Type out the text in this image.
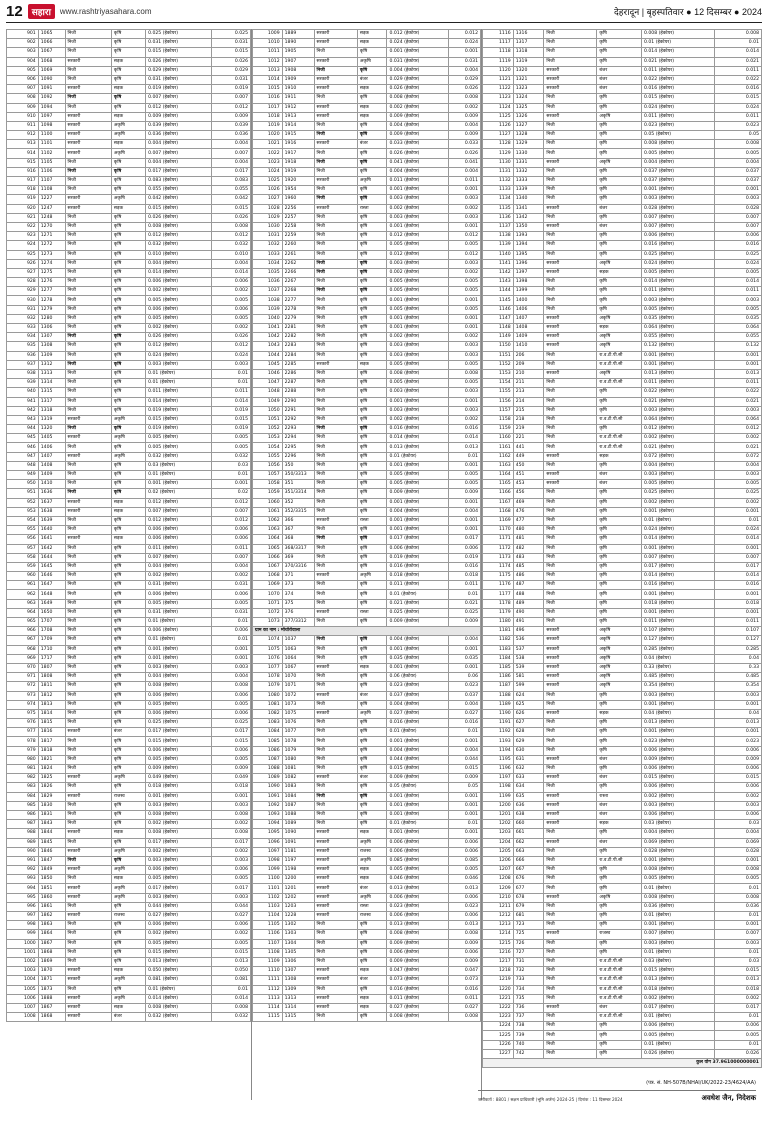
12	सहारा	www.rashtriyasahara.com	देहरादून | बृहस्पतिवार ● 12 दिसम्बर ● 2024
901	1065	निजी	कृषि	0.025 (हेक्टेयर)	0.025
902	1066	निजी	कृषि	0.031 (हेक्टेयर)	0.031
903	1067	निजी	कृषि	0.015 (हेक्टेयर)	0.015
904	1068	सरकारी	सड़क	0.026 (हेक्टेयर)	0.026
905	1069	निजी	कृषि	0.029 (हेक्टेयर)	0.029
906	1090	निजी	कृषि	0.031 (हेक्टेयर)	0.031
907	1091	सरकारी	सड़क	0.019 (हेक्टेयर)	0.019
908	1092	निजी	कृषि	0.007 (हेक्टेयर)	0.007
909	1094	निजी	कृषि	0.012 (हेक्टेयर)	0.012
910	1097	सरकारी	सड़क	0.009 (हेक्टेयर)	0.009
911	1098	सरकारी	अकृषि	0.039 (हेक्टेयर)	0.039
912	1100	सरकारी	अकृषि	0.036 (हेक्टेयर)	0.036
913	1101	सरकारी	सड़क	0.004 (हेक्टेयर)	0.004
914	1102	सरकारी	अकृषि	0.007 (हेक्टेयर)	0.007
915	1105	निजी	कृषि	0.004 (हेक्टेयर)	0.004
916	1106	निजी	कृषि	0.017 (हेक्टेयर)	0.017
917	1107	निजी	कृषि	0.083 (हेक्टेयर)	0.083
918	1108	निजी	कृषि	0.055 (हेक्टेयर)	0.055
919	1227	सरकारी	अकृषि	0.042 (हेक्टेयर)	0.042
920	1247	सरकारी	सड़क	0.015 (हेक्टेयर)	0.015
921	1248	निजी	कृषि	0.026 (हेक्टेयर)	0.026
922	1270	निजी	कृषि	0.008 (हेक्टेयर)	0.008
923	1271	निजी	कृषि	0.012 (हेक्टेयर)	0.012
924	1272	निजी	कृषि	0.032 (हेक्टेयर)	0.032
925	1273	निजी	कृषि	0.010 (हेक्टेयर)	0.010
926	1274	निजी	कृषि	0.004 (हेक्टेयर)	0.004
927	1275	निजी	कृषि	0.014 (हेक्टेयर)	0.014
928	1276	निजी	कृषि	0.006 (हेक्टेयर)	0.006
929	1277	निजी	कृषि	0.002 (हेक्टेयर)	0.002
930	1278	निजी	कृषि	0.005 (हेक्टेयर)	0.005
931	1279	निजी	कृषि	0.006 (हेक्टेयर)	0.006
932	1280	निजी	कृषि	0.005 (हेक्टेयर)	0.005
933	1306	निजी	कृषि	0.002 (हेक्टेयर)	0.002
934	1307	निजी	कृषि	0.026 (हेक्टेयर)	0.026
935	1308	निजी	कृषि	0.012 (हेक्टेयर)	0.012
936	1309	निजी	कृषि	0.024 (हेक्टेयर)	0.024
937	1312	निजी	कृषि	0.003 (हेक्टेयर)	0.003
938	1313	निजी	कृषि	0.01 (हेक्टेयर)	0.01
939	1314	निजी	कृषि	0.01 (हेक्टेयर)	0.01
940	1315	निजी	कृषि	0.011 (हेक्टेयर)	0.011
941	1317	निजी	कृषि	0.014 (हेक्टेयर)	0.014
942	1318	निजी	कृषि	0.019 (हेक्टेयर)	0.019
943	1319	सरकारी	अकृषि	0.015 (हेक्टेयर)	0.015
944	1320	निजी	कृषि	0.019 (हेक्टेयर)	0.019
945	1405	सरकारी	अकृषि	0.005 (हेक्टेयर)	0.005
946	1406	निजी	कृषि	0.005 (हेक्टेयर)	0.005
947	1407	सरकारी	अकृषि	0.032 (हेक्टेयर)	0.032
948	1408	निजी	कृषि	0.03 (हेक्टेयर)	0.03
949	1409	निजी	कृषि	0.01 (हेक्टेयर)	0.01
950	1410	निजी	कृषि	0.001 (हेक्टेयर)	0.001
951	1636	निजी	कृषि	0.02 (हेक्टेयर)	0.02
952	1637	सरकारी	सड़क	0.012 (हेक्टेयर)	0.012
953	1638	सरकारी	सड़क	0.007 (हेक्टेयर)	0.007
954	1639	निजी	कृषि	0.012 (हेक्टेयर)	0.012
955	1640	निजी	कृषि	0.006 (हेक्टेयर)	0.006
956	1641	सरकारी	सड़क	0.006 (हेक्टेयर)	0.006
957	1642	निजी	कृषि	0.011 (हेक्टेयर)	0.011
958	1644	निजी	कृषि	0.007 (हेक्टेयर)	0.007
959	1645	निजी	कृषि	0.004 (हेक्टेयर)	0.004
960	1646	निजी	कृषि	0.002 (हेक्टेयर)	0.002
961	1647	निजी	कृषि	0.031 (हेक्टेयर)	0.031
962	1648	निजी	कृषि	0.006 (हेक्टेयर)	0.006
963	1649	निजी	कृषि	0.005 (हेक्टेयर)	0.005
964	1650	निजी	कृषि	0.031 (हेक्टेयर)	0.031
965	1707	निजी	कृषि	0.01 (हेक्टेयर)	0.01
966	1708	निजी	कृषि	0.006 (हेक्टेयर)	0.006
967	1709	निजी	कृषि	0.01 (हेक्टेयर)	0.01
968	1710	निजी	कृषि	0.001 (हेक्टेयर)	0.001
969	1717	निजी	कृषि	0.001 (हेक्टेयर)	0.001
970	1807	निजी	कृषि	0.003 (हेक्टेयर)	0.003
971	1808	निजी	कृषि	0.004 (हेक्टेयर)	0.004
972	1811	निजी	कृषि	0.008 (हेक्टेयर)	0.008
973	1812	निजी	कृषि	0.006 (हेक्टेयर)	0.006
974	1813	निजी	कृषि	0.005 (हेक्टेयर)	0.005
975	1814	निजी	कृषि	0.006 (हेक्टेयर)	0.006
976	1815	निजी	कृषि	0.025 (हेक्टेयर)	0.025
977	1816	सरकारी	बंजर	0.017 (हेक्टेयर)	0.017
978	1817	निजी	कृषि	0.015 (हेक्टेयर)	0.015
979	1818	निजी	कृषि	0.006 (हेक्टेयर)	0.006
980	1821	निजी	कृषि	0.005 (हेक्टेयर)	0.005
981	1824	निजी	कृषि	0.009 (हेक्टेयर)	0.009
982	1825	सरकारी	अकृषि	0.049 (हेक्टेयर)	0.049
983	1826	निजी	कृषि	0.018 (हेक्टेयर)	0.018
984	1829	सरकारी	राजस्व	0.001 (हेक्टेयर)	0.001
985	1830	निजी	कृषि	0.003 (हेक्टेयर)	0.003
986	1831	निजी	कृषि	0.008 (हेक्टेयर)	0.008
987	1843	निजी	कृषि	0.002 (हेक्टेयर)	0.002
988	1844	सरकारी	सड़क	0.008 (हेक्टेयर)	0.008
989	1845	निजी	कृषि	0.017 (हेक्टेयर)	0.017
990	1846	सरकारी	अकृषि	0.002 (हेक्टेयर)	0.002
991	1847	निजी	कृषि	0.003 (हेक्टेयर)	0.003
992	1849	सरकारी	अकृषि	0.006 (हेक्टेयर)	0.006
993	1850	निजी	सड़क	0.005 (हेक्टेयर)	0.005
994	1851	सरकारी	अकृषि	0.017 (हेक्टेयर)	0.017
995	1860	सरकारी	अकृषि	0.003 (हेक्टेयर)	0.003
996	1861	निजी	कृषि	0.044 (हेक्टेयर)	0.044
997	1862	सरकारी	राजस्व	0.027 (हेक्टेयर)	0.027
998	1863	निजी	कृषि	0.006 (हेक्टेयर)	0.006
999	1864	निजी	कृषि	0.002 (हेक्टेयर)	0.002
1000	1867	निजी	कृषि	0.005 (हेक्टेयर)	0.005
1001	1868	निजी	कृषि	0.015 (हेक्टेयर)	0.015
1002	1869	निजी	कृषि	0.013 (हेक्टेयर)	0.013
1003	1870	सरकारी	सड़क	0.050 (हेक्टेयर)	0.050
1004	1871	सरकारी	अकृषि	0.081 (हेक्टेयर)	0.081
1005	1873	निजी	कृषि	0.01 (हेक्टेयर)	0.01
1006	1888	सरकारी	अकृषि	0.014 (हेक्टेयर)	0.014
1007	1867	सरकारी	सड़क	0.008 (हेक्टेयर)	0.008
1008	1868	सरकारी	बंजर	0.032 (हेक्टेयर)	0.032
1009	1889	सरकारी	सड़क	0.012 (हेक्टेयर)	0.012
1010	1890	सरकारी	सड़क	0.024 (हेक्टेयर)	0.024
1011	1905	निजी	कृषि	0.001 (हेक्टेयर)	0.001
1012	1907	सरकारी	अकृषि	0.031 (हेक्टेयर)	0.031
1013	1908	निजी	कृषि	0.004 (हेक्टेयर)	0.004
1014	1909	सरकारी	बंजर	0.029 (हेक्टेयर)	0.029
1015	1910	सरकारी	सड़क	0.026 (हेक्टेयर)	0.026
1016	1911	निजी	कृषि	0.008 (हेक्टेयर)	0.008
1017	1912	सरकारी	सड़क	0.002 (हेक्टेयर)	0.002
1018	1913	सरकारी	सड़क	0.009 (हेक्टेयर)	0.009
1019	1914	निजी	कृषि	0.004 (हेक्टेयर)	0.004
1020	1915	निजी	कृषि	0.009 (हेक्टेयर)	0.009
1021	1916	सरकारी	बंजर	0.033 (हेक्टेयर)	0.033
1022	1917	निजी	कृषि	0.026 (हेक्टेयर)	0.026
1023	1918	निजी	कृषि	0.041 (हेक्टेयर)	0.041
1024	1919	निजी	कृषि	0.004 (हेक्टेयर)	0.004
1025	1920	सरकारी	अकृषि	0.011 (हेक्टेयर)	0.011
1026	1954	निजी	कृषि	0.001 (हेक्टेयर)	0.001
1027	1960	निजी	कृषि	0.003 (हेक्टेयर)	0.003
1028	2256	सरकारी	रास्ता	0.002 (हेक्टेयर)	0.002
1029	2257	निजी	कृषि	0.003 (हेक्टेयर)	0.003
1030	2258	निजी	कृषि	0.001 (हेक्टेयर)	0.001
1031	2259	निजी	कृषि	0.012 (हेक्टेयर)	0.012
1032	2260	निजी	कृषि	0.005 (हेक्टेयर)	0.005
1033	2261	निजी	कृषि	0.012 (हेक्टेयर)	0.012
1034	2262	निजी	कृषि	0.003 (हेक्टेयर)	0.003
1035	2266	निजी	कृषि	0.002 (हेक्टेयर)	0.002
1036	2267	निजी	कृषि	0.005 (हेक्टेयर)	0.005
1037	2268	निजी	कृषि	0.005 (हेक्टेयर)	0.005
1038	2277	निजी	कृषि	0.001 (हेक्टेयर)	0.001
1039	2278	निजी	कृषि	0.005 (हेक्टेयर)	0.005
1040	2279	निजी	कृषि	0.001 (हेक्टेयर)	0.001
1041	2281	निजी	कृषि	0.001 (हेक्टेयर)	0.001
1042	2282	निजी	कृषि	0.002 (हेक्टेयर)	0.002
1043	2283	निजी	कृषि	0.003 (हेक्टेयर)	0.003
1044	2284	निजी	कृषि	0.003 (हेक्टेयर)	0.003
1045	2285	सरकारी	सड़क	0.005 (हेक्टेयर)	0.005
1046	2286	निजी	कृषि	0.008 (हेक्टेयर)	0.008
1047	2287	निजी	कृषि	0.005 (हेक्टेयर)	0.005
1048	2288	निजी	कृषि	0.003 (हेक्टेयर)	0.003
1049	2290	निजी	कृषि	0.001 (हेक्टेयर)	0.001
1050	2291	निजी	कृषि	0.003 (हेक्टेयर)	0.003
1051	2292	निजी	कृषि	0.002 (हेक्टेयर)	0.002
1052	2293	निजी	कृषि	0.016 (हेक्टेयर)	0.016
1053	2294	निजी	कृषि	0.014 (हेक्टेयर)	0.014
1054	2295	निजी	कृषि	0.013 (हेक्टेयर)	0.013
1055	2296	निजी	कृषि	0.01 (हेक्टेयर)	0.01
1056	350	निजी	कृषि	0.001 (हेक्टेयर)	0.001
1057	350/3313	निजी	कृषि	0.005 (हेक्टेयर)	0.005
1058	351	निजी	कृषि	0.005 (हेक्टेयर)	0.005
1059	351/3314	निजी	कृषि	0.009 (हेक्टेयर)	0.009
1060	352	निजी	कृषि	0.001 (हेक्टेयर)	0.001
1061	352/3315	निजी	कृषि	0.004 (हेक्टेयर)	0.004
1062	366	सरकारी	रास्ता	0.001 (हेक्टेयर)	0.001
1063	367	निजी	कृषि	0.001 (हेक्टेयर)	0.001
1064	368	निजी	कृषि	0.017 (हेक्टेयर)	0.017
1065	368/3317	निजी	कृषि	0.006 (हेक्टेयर)	0.006
1066	369	निजी	कृषि	0.019 (हेक्टेयर)	0.019
1067	370/3316	निजी	कृषि	0.016 (हेक्टेयर)	0.016
1068	371	सरकारी	अकृषि	0.018 (हेक्टेयर)	0.018
1069	373	निजी	कृषि	0.011 (हेक्टेयर)	0.011
1070	374	निजी	कृषि	0.01 (हेक्टेयर)	0.01
1071	375	निजी	कृषि	0.021 (हेक्टेयर)	0.021
1072	376	सरकारी	रास्ता	0.025 (हेक्टेयर)	0.025
1073	377/3312	निजी	कृषि	0.009 (हेक्टेयर)	0.009
ग्राम का नाम : मोथोरोवाला					
1074	1037	निजी	कृषि	0.004 (हेक्टेयर)	0.004
1075	1063	निजी	कृषि	0.001 (हेक्टेयर)	0.001
1076	1064	निजी	कृषि	0.035 (हेक्टेयर)	0.035
1077	1067	सरकारी	सड़क	0.001 (हेक्टेयर)	0.001
1078	1070	निजी	कृषि	0.06 (हेक्टेयर)	0.06
1079	1071	निजी	कृषि	0.023 (हेक्टेयर)	0.023
1080	1072	सरकारी	बंजर	0.037 (हेक्टेयर)	0.037
1081	1073	निजी	कृषि	0.004 (हेक्टेयर)	0.004
1082	1075	सरकारी	अकृषि	0.027 (हेक्टेयर)	0.027
1083	1076	निजी	कृषि	0.016 (हेक्टेयर)	0.016
1084	1077	निजी	कृषि	0.01 (हेक्टेयर)	0.01
1085	1078	निजी	कृषि	0.001 (हेक्टेयर)	0.001
1086	1079	निजी	कृषि	0.004 (हेक्टेयर)	0.004
1087	1080	निजी	कृषि	0.044 (हेक्टेयर)	0.044
1088	1081	निजी	कृषि	0.015 (हेक्टेयर)	0.015
1089	1082	सरकारी	बंजर	0.009 (हेक्टेयर)	0.009
1090	1083	निजी	कृषि	0.05 (हेक्टेयर)	0.05
1091	1084	निजी	कृषि	0.001 (हेक्टेयर)	0.001
1092	1087	निजी	कृषि	0.001 (हेक्टेयर)	0.001
1093	1088	निजी	कृषि	0.001 (हेक्टेयर)	0.001
1094	1089	निजी	कृषि	0.01 (हेक्टेयर)	0.01
1095	1090	सरकारी	सड़क	0.001 (हेक्टेयर)	0.001
1096	1091	सरकारी	अकृषि	0.006 (हेक्टेयर)	0.006
1097	1181	सरकारी	राजस्व	0.006 (हेक्टेयर)	0.006
1098	1197	सरकारी	अकृषि	0.085 (हेक्टेयर)	0.085
1099	1198	सरकारी	सड़क	0.005 (हेक्टेयर)	0.005
1100	1200	सरकारी	सड़क	0.046 (हेक्टेयर)	0.046
1101	1201	सरकारी	बंजर	0.013 (हेक्टेयर)	0.013
1102	1202	सरकारी	अकृषि	0.006 (हेक्टेयर)	0.006
1103	1203	सरकारी	रास्ता	0.023 (हेक्टेयर)	0.023
1104	1228	सरकारी	राजस्व	0.006 (हेक्टेयर)	0.006
1105	1302	निजी	कृषि	0.013 (हेक्टेयर)	0.013
1106	1303	निजी	कृषि	0.008 (हेक्टेयर)	0.008
1107	1304	निजी	कृषि	0.009 (हेक्टेयर)	0.009
1108	1305	निजी	कृषि	0.006 (हेक्टेयर)	0.006
1109	1306	निजी	कृषि	0.009 (हेक्टेयर)	0.009
1110	1307	सरकारी	सड़क	0.047 (हेक्टेयर)	0.047
1111	1308	सरकारी	बंजर	0.073 (हेक्टेयर)	0.073
1112	1309	निजी	कृषि	0.016 (हेक्टेयर)	0.016
1113	1313	सरकारी	सड़क	0.011 (हेक्टेयर)	0.011
1114	1314	सरकारी	सड़क	0.027 (हेक्टेयर)	0.027
1115	1315	निजी	कृषि	0.008 (हेक्टेयर)	0.008
1116	1316	निजी	कृषि	0.008 (हेक्टेयर)	0.008
1117	1317	निजी	कृषि	0.01 (हेक्टेयर)	0.01
1118	1318	निजी	कृषि	0.014 (हेक्टेयर)	0.014
1119	1319	निजी	कृषि	0.021 (हेक्टेयर)	0.021
1120	1320	सरकारी	बंजर	0.011 (हेक्टेयर)	0.011
1121	1321	सरकारी	बंजर	0.022 (हेक्टेयर)	0.022
1122	1323	सरकारी	बंजर	0.016 (हेक्टेयर)	0.016
1123	1324	निजी	कृषि	0.015 (हेक्टेयर)	0.015
1124	1325	निजी	कृषि	0.024 (हेक्टेयर)	0.024
1125	1326	सरकारी	अकृषि	0.011 (हेक्टेयर)	0.011
1126	1327	निजी	कृषि	0.023 (हेक्टेयर)	0.023
1127	1328	निजी	कृषि	0.05 (हेक्टेयर)	0.05
1128	1329	निजी	कृषि	0.008 (हेक्टेयर)	0.008
1129	1330	निजी	कृषि	0.005 (हेक्टेयर)	0.005
1130	1331	सरकारी	अकृषि	0.004 (हेक्टेयर)	0.004
1131	1332	निजी	कृषि	0.037 (हेक्टेयर)	0.037
1132	1333	निजी	कृषि	0.037 (हेक्टेयर)	0.037
1133	1339	निजी	कृषि	0.001 (हेक्टेयर)	0.001
1134	1340	निजी	कृषि	0.003 (हेक्टेयर)	0.003
1135	1341	सरकारी	बंजर	0.028 (हेक्टेयर)	0.028
1136	1342	निजी	कृषि	0.007 (हेक्टेयर)	0.007
1137	1350	सरकारी	बंजर	0.007 (हेक्टेयर)	0.007
1138	1393	निजी	कृषि	0.006 (हेक्टेयर)	0.006
1139	1394	निजी	कृषि	0.016 (हेक्टेयर)	0.016
1140	1395	निजी	कृषि	0.025 (हेक्टेयर)	0.025
1141	1396	सरकारी	अकृषि	0.024 (हेक्टेयर)	0.024
1142	1397	सरकारी	सड़क	0.005 (हेक्टेयर)	0.005
1143	1398	निजी	कृषि	0.014 (हेक्टेयर)	0.014
1144	1399	निजी	कृषि	0.011 (हेक्टेयर)	0.011
1145	1400	निजी	कृषि	0.003 (हेक्टेयर)	0.003
1146	1406	निजी	कृषि	0.005 (हेक्टेयर)	0.005
1147	1407	सरकारी	अकृषि	0.035 (हेक्टेयर)	0.035
1148	1408	सरकारी	सड़क	0.064 (हेक्टेयर)	0.064
1149	1409	सरकारी	अकृषि	0.055 (हेक्टेयर)	0.055
1150	1410	सरकारी	अकृषि	0.132 (हेक्टेयर)	0.132
1151	206	निजी	रा.व.टी.पी.सी	0.001 (हेक्टेयर)	0.001
1152	209	निजी	रा.व.टी.पी.सी	0.001 (हेक्टेयर)	0.001
1153	210	सरकारी	अकृषि	0.013 (हेक्टेयर)	0.013
1154	211	निजी	रा.व.टी.पी.सी	0.011 (हेक्टेयर)	0.011
1155	213	निजी	कृषि	0.022 (हेक्टेयर)	0.022
1156	214	निजी	कृषि	0.021 (हेक्टेयर)	0.021
1157	215	निजी	कृषि	0.003 (हेक्टेयर)	0.003
1158	218	निजी	रा.व.टी.पी.सी	0.064 (हेक्टेयर)	0.064
1159	219	निजी	कृषि	0.012 (हेक्टेयर)	0.012
1160	221	निजी	रा.व.टी.पी.सी	0.002 (हेक्टेयर)	0.002
1161	441	निजी	रा.व.टी.पी.सी	0.021 (हेक्टेयर)	0.021
1162	449	सरकारी	सड़क	0.072 (हेक्टेयर)	0.072
1163	450	निजी	कृषि	0.004 (हेक्टेयर)	0.004
1164	451	सरकारी	बंजर	0.003 (हेक्टेयर)	0.003
1165	453	सरकारी	बंजर	0.005 (हेक्टेयर)	0.005
1166	456	निजी	कृषि	0.025 (हेक्टेयर)	0.025
1167	469	निजी	कृषि	0.002 (हेक्टेयर)	0.002
1168	476	निजी	कृषि	0.001 (हेक्टेयर)	0.001
1169	477	निजी	कृषि	0.01 (हेक्टेयर)	0.01
1170	480	निजी	कृषि	0.024 (हेक्टेयर)	0.024
1171	481	निजी	कृषि	0.014 (हेक्टेयर)	0.014
1172	482	निजी	कृषि	0.001 (हेक्टेयर)	0.001
1173	483	निजी	कृषि	0.007 (हेक्टेयर)	0.007
1174	485	निजी	कृषि	0.017 (हेक्टेयर)	0.017
1175	486	निजी	कृषि	0.014 (हेक्टेयर)	0.014
1176	487	निजी	कृषि	0.016 (हेक्टेयर)	0.016
1177	488	निजी	कृषि	0.001 (हेक्टेयर)	0.001
1178	489	निजी	कृषि	0.018 (हेक्टेयर)	0.018
1179	490	निजी	कृषि	0.001 (हेक्टेयर)	0.001
1180	491	निजी	कृषि	0.011 (हेक्टेयर)	0.011
1181	496	सरकारी	अकृषि	0.107 (हेक्टेयर)	0.107
1182	536	सरकारी	अकृषि	0.127 (हेक्टेयर)	0.127
1183	537	सरकारी	अकृषि	0.285 (हेक्टेयर)	0.285
1184	538	सरकारी	अकृषि	0.04 (हेक्टेयर)	0.04
1185	539	सरकारी	अकृषि	0.33 (हेक्टेयर)	0.33
1186	581	सरकारी	अकृषि	0.485 (हेक्टेयर)	0.485
1187	599	सरकारी	अकृषि	0.354 (हेक्टेयर)	0.354
1188	624	निजी	कृषि	0.003 (हेक्टेयर)	0.003
1189	625	निजी	कृषि	0.001 (हेक्टेयर)	0.001
1190	626	सरकारी	सड़क	0.04 (हेक्टेयर)	0.04
1191	627	निजी	कृषि	0.013 (हेक्टेयर)	0.013
1192	628	निजी	कृषि	0.001 (हेक्टेयर)	0.001
1193	629	निजी	कृषि	0.023 (हेक्टेयर)	0.023
1194	630	निजी	कृषि	0.006 (हेक्टेयर)	0.006
1195	631	सरकारी	बंजर	0.009 (हेक्टेयर)	0.009
1196	632	निजी	कृषि	0.006 (हेक्टेयर)	0.006
1197	633	सरकारी	बंजर	0.015 (हेक्टेयर)	0.015
1198	634	निजी	कृषि	0.006 (हेक्टेयर)	0.006
1199	635	सरकारी	रास्ता	0.002 (हेक्टेयर)	0.002
1200	636	सरकारी	बंजर	0.003 (हेक्टेयर)	0.003
1201	638	सरकारी	बंजर	0.006 (हेक्टेयर)	0.006
1202	660	सरकारी	सड़क	0.03 (हेक्टेयर)	0.03
1203	661	निजी	कृषि	0.004 (हेक्टेयर)	0.004
1204	662	सरकारी	बंजर	0.069 (हेक्टेयर)	0.069
1205	663	निजी	कृषि	0.028 (हेक्टेयर)	0.028
1206	666	निजी	रा.व.टी.पी.सी	0.001 (हेक्टेयर)	0.001
1207	667	निजी	कृषि	0.008 (हेक्टेयर)	0.008
1208	676	निजी	कृषि	0.005 (हेक्टेयर)	0.005
1209	677	निजी	कृषि	0.01 (हेक्टेयर)	0.01
1210	678	सरकारी	अकृषि	0.008 (हेक्टेयर)	0.008
1211	679	निजी	कृषि	0.036 (हेक्टेयर)	0.036
1212	681	निजी	कृषि	0.01 (हेक्टेयर)	0.01
1213	723	निजी	कृषि	0.001 (हेक्टेयर)	0.001
1214	725	सरकारी	राजस्व	0.007 (हेक्टेयर)	0.007
1215	726	निजी	कृषि	0.003 (हेक्टेयर)	0.003
1216	727	निजी	कृषि	0.01 (हेक्टेयर)	0.01
1217	731	निजी	रा.व.टी.पी.सी	0.03 (हेक्टेयर)	0.03
1218	732	निजी	रा.व.टी.पी.सी	0.015 (हेक्टेयर)	0.015
1219	733	निजी	रा.व.टी.पी.सी	0.013 (हेक्टेयर)	0.013
1220	734	निजी	रा.व.टी.पी.सी	0.018 (हेक्टेयर)	0.018
1221	735	निजी	रा.व.टी.पी.सी	0.002 (हेक्टेयर)	0.002
1222	736	सरकारी	बंजर	0.017 (हेक्टेयर)	0.017
1223	737	निजी	रा.व.टी.पी.सी	0.01 (हेक्टेयर)	0.01
1224	738	निजी	कृषि	0.006 (हेक्टेयर)	0.006
1225	739	निजी	कृषि	0.005 (हेक्टेयर)	0.005
1226	740	निजी	कृषि	0.01 (हेक्टेयर)	0.01
1227	742	निजी	कृषि	0.026 (हेक्टेयर)	0.026
कुल योग 37.961000000001					
(पत्र. सं. NH-507B/NHAI/UK/2022-23/4624/AA)
जारीकर्ता : 8801 / सक्षम प्राधिकारी (भूमि अर्जन) 2024-25 | दिनांक : 11 दिसम्बर 2024	अवधेश जैन, निदेशक
